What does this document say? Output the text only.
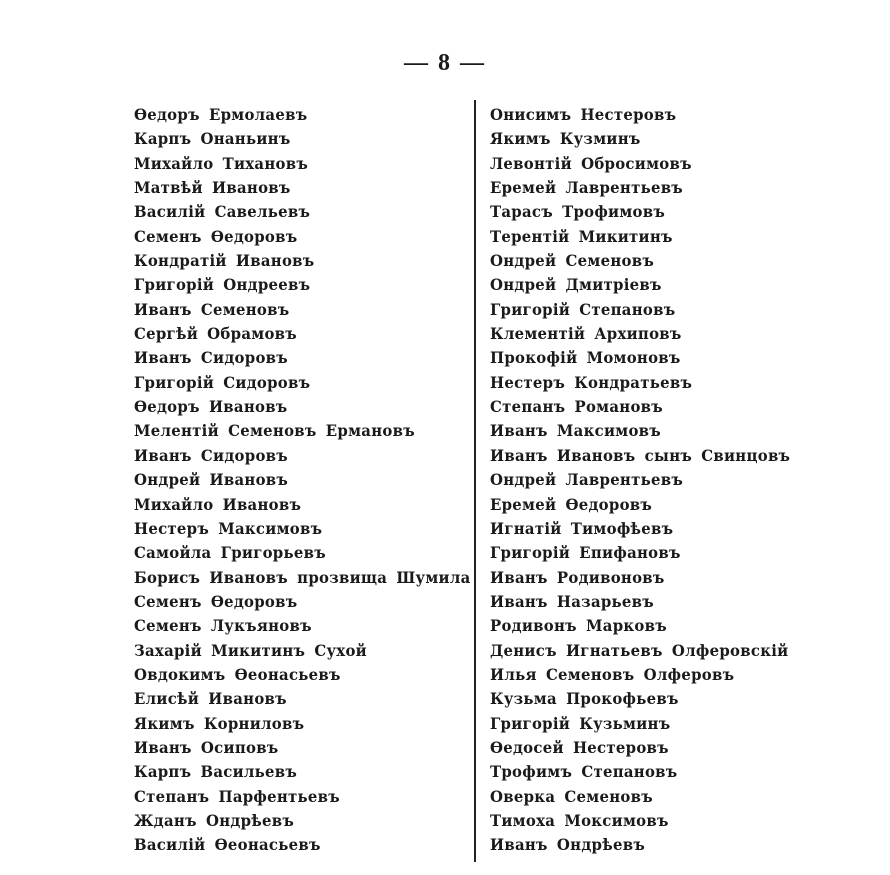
— 8 —
Ѳедоръ Ермолаевъ
Карпъ Онаньинъ
Михайло Тихановъ
Матвѣй Ивановъ
Василій Савельевъ
Семенъ Ѳедоровъ
Кондратій Ивановъ
Григорій Ондреевъ
Иванъ Семеновъ
Сергѣй Обрамовъ
Иванъ Сидоровъ
Григорій Сидоровъ
Ѳедоръ Ивановъ
Мелентій Семеновъ Ермановъ
Иванъ Сидоровъ
Ондрей Ивановъ
Михайло Ивановъ
Нестеръ Максимовъ
Самойла Григорьевъ
Борисъ Ивановъ прозвища Шумила
Семенъ Ѳедоровъ
Семенъ Лукъяновъ
Захарій Микитинъ Сухой
Овдокимъ Ѳеонасьевъ
Елисѣй Ивановъ
Якимъ Корниловъ
Иванъ Осиповъ
Карпъ Васильевъ
Степанъ Парфентьевъ
Жданъ Ондрѣевъ
Василій Ѳеонасьевъ
Онисимъ Нестеровъ
Якимъ Кузминъ
Левонтій Обросимовъ
Еремей Лаврентьевъ
Тарасъ Трофимовъ
Терентій Микитинъ
Ондрей Семеновъ
Ондрей Дмитріевъ
Григорій Степановъ
Клементій Архиповъ
Прокофій Момоновъ
Нестеръ Кондратьевъ
Степанъ Романовъ
Иванъ Максимовъ
Иванъ Ивановъ сынъ Свинцовъ
Ондрей Лаврентьевъ
Еремей Ѳедоровъ
Игнатій Тимофѣевъ
Григорій Епифановъ
Иванъ Родивоновъ
Иванъ Назарьевъ
Родивонъ Марковъ
Денисъ Игнатьевъ Олферовскій
Илья Семеновъ Олферовъ
Кузьма Прокофьевъ
Григорій Кузьминъ
Ѳедосей Нестеровъ
Трофимъ Степановъ
Оверка Семеновъ
Тимоха Моксимовъ
Иванъ Ондрѣевъ
